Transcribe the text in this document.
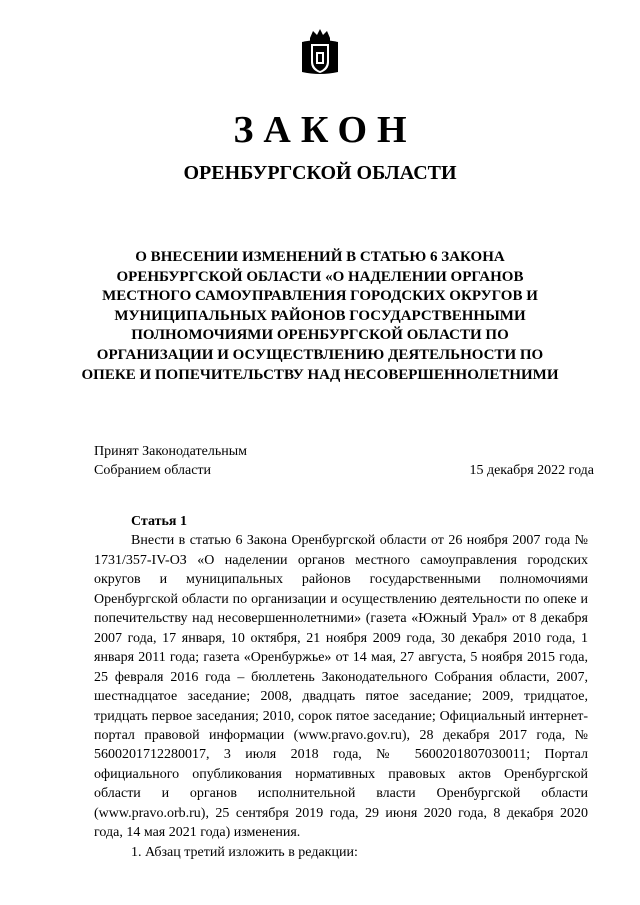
ЗАКОН
ОРЕНБУРГСКОЙ ОБЛАСТИ
О ВНЕСЕНИИ ИЗМЕНЕНИЙ В СТАТЬЮ 6 ЗАКОНА
ОРЕНБУРГСКОЙ ОБЛАСТИ «О НАДЕЛЕНИИ ОРГАНОВ
МЕСТНОГО САМОУПРАВЛЕНИЯ ГОРОДСКИХ ОКРУГОВ И
МУНИЦИПАЛЬНЫХ РАЙОНОВ ГОСУДАРСТВЕННЫМИ
ПОЛНОМОЧИЯМИ ОРЕНБУРГСКОЙ ОБЛАСТИ ПО
ОРГАНИЗАЦИИ И ОСУЩЕСТВЛЕНИЮ ДЕЯТЕЛЬНОСТИ ПО
ОПЕКЕ И ПОПЕЧИТЕЛЬСТВУ НАД НЕСОВЕРШЕННОЛЕТНИМИ
Принят Законодательным
Собранием области	15 декабря 2022 года

Статья 1

Внести в статью 6 Закона Оренбургской области от 26 ноября 2007 года № 1731/357-IV-ОЗ «О наделении органов местного самоуправления городских округов и муниципальных районов государственными полномочиями Оренбургской области по организации и осуществлению деятельности по опеке и попечительству над несовершеннолетними» (газета «Южный Урал» от 8 декабря 2007 года, 17 января, 10 октября, 21 ноября 2009 года, 30 декабря 2010 года, 1 января 2011 года; газета «Оренбуржье» от 14 мая, 27 августа, 5 ноября 2015 года, 25 февраля 2016 года – бюллетень Законодательного Собрания области, 2007, шестнадцатое заседание; 2008, двадцать пятое заседание; 2009, тридцатое, тридцать первое заседания; 2010, сорок пятое заседание; Официальный интернет-портал правовой информации (www.pravo.gov.ru), 28 декабря 2017 года, № 5600201712280017, 3 июля 2018 года, № 5600201807030011; Портал официального опубликования нормативных правовых актов Оренбургской области и органов исполнительной власти Оренбургской области (www.pravo.orb.ru), 25 сентября 2019 года, 29 июня 2020 года, 8 декабря 2020 года, 14 мая 2021 года) изменения.

1. Абзац третий изложить в редакции:
